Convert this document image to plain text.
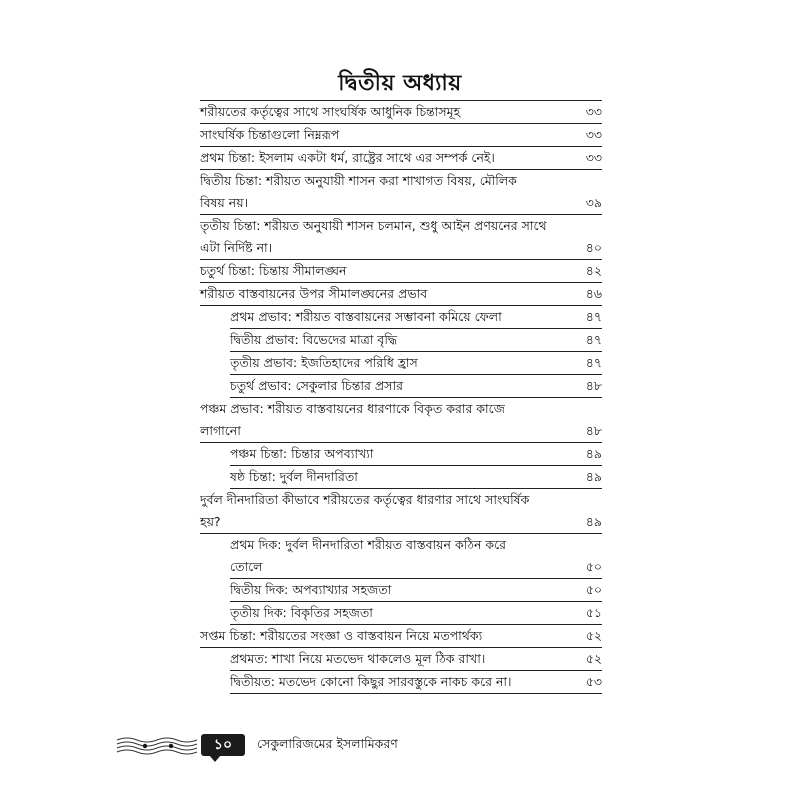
দ্বিতীয় অধ্যায়
শরীয়তের কর্তৃত্বের সাথে সাংঘর্ষিক আধুনিক চিন্তাসমূহ	৩৩
সাংঘর্ষিক চিন্তাগুলো নিম্নরূপ	৩৩
প্রথম চিন্তা: ইসলাম একটা ধর্ম, রাষ্ট্রের সাথে এর সম্পর্ক নেই।	৩৩
দ্বিতীয় চিন্তা: শরীয়ত অনুযায়ী শাসন করা শাখাগত বিষয়, মৌলিক
বিষয় নয়।	৩৯
তৃতীয় চিন্তা: শরীয়ত অনুযায়ী শাসন চলমান, শুধু আইন প্রণয়নের সাথে
এটা নির্দিষ্ট না।	৪০
চতুর্থ চিন্তা: চিন্তায় সীমালঙ্ঘন	৪২
শরীয়ত বাস্তবায়নের উপর সীমালঙ্ঘনের প্রভাব	৪৬
প্রথম প্রভাব: শরীয়ত বাস্তবায়নের সম্ভাবনা কমিয়ে ফেলা	৪৭
দ্বিতীয় প্রভাব: বিভেদের মাত্রা বৃদ্ধি	৪৭
তৃতীয় প্রভাব: ইজতিহাদের পরিধি হ্রাস	৪৭
চতুর্থ প্রভাব: সেকুলার চিন্তার প্রসার	৪৮
পঞ্চম প্রভাব: শরীয়ত বাস্তবায়নের ধারণাকে বিকৃত করার কাজে
লাগানো	৪৮
পঞ্চম চিন্তা: চিন্তার অপব্যাখ্যা	৪৯
ষষ্ঠ চিন্তা: দুর্বল দীনদারিতা	৪৯
দুর্বল দীনদারিতা কীভাবে শরীয়তের কর্তৃত্বের ধারণার সাথে সাংঘর্ষিক
হয়?	৪৯
প্রথম দিক: দুর্বল দীনদারিতা শরীয়ত বাস্তবায়ন কঠিন করে
তোলে	৫০
দ্বিতীয় দিক: অপব্যাখ্যার সহজতা	৫০
তৃতীয় দিক: বিকৃতির সহজতা	৫১
সপ্তম চিন্তা: শরীয়তের সংজ্ঞা ও বাস্তবায়ন নিয়ে মতপার্থক্য	৫২
প্রথমত: শাখা নিয়ে মতভেদ থাকলেও মূল ঠিক রাখা।	৫২
দ্বিতীয়ত: মতভেদ কোনো কিছুর সারবস্তুকে নাকচ করে না।	৫৩
১০	সেকুলারিজমের ইসলামিকরণ
